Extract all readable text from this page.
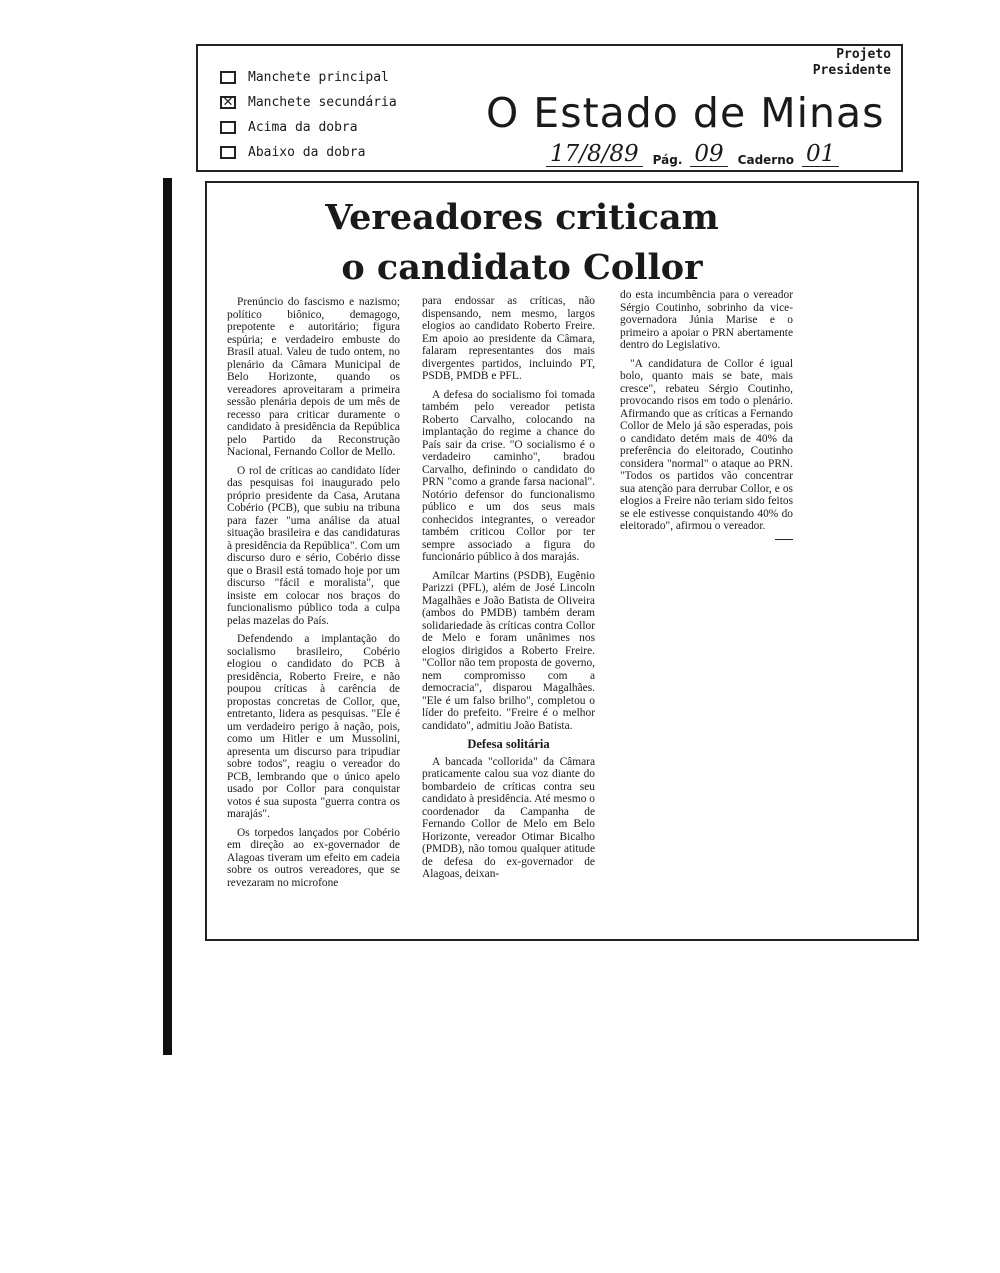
Projeto
Presidente
Manchete principal
✕ Manchete secundária
Acima da dobra
Abaixo da dobra
O Estado de Minas
17/8/89	Pág. 09	Caderno 01
Vereadores criticam
o candidato Collor

Prenúncio do fascismo e nazismo; político biônico, demagogo, prepotente e autoritário; figura espúria; e verdadeiro embuste do Brasil atual. Valeu de tudo ontem, no plenário da Câmara Municipal de Belo Horizonte, quando os vereadores aproveitaram a primeira sessão plenária depois de um mês de recesso para criticar duramente o candidato à presidência da República pelo Partido da Reconstrução Nacional, Fernando Collor de Mello.

O rol de críticas ao candidato líder das pesquisas foi inaugurado pelo próprio presidente da Casa, Arutana Cobério (PCB), que subiu na tribuna para fazer "uma análise da atual situação brasileira e das candidaturas à presidência da República". Com um discurso duro e sério, Cobério disse que o Brasil está tomado hoje por um discurso "fácil e moralista", que insiste em colocar nos braços do funcionalismo público toda a culpa pelas mazelas do País.

Defendendo a implantação do socialismo brasileiro, Cobério elogiou o candidato do PCB à presidência, Roberto Freire, e não poupou críticas à carência de propostas concretas de Collor, que, entretanto, lidera as pesquisas. "Ele é um verdadeiro perigo à nação, pois, como um Hitler e um Mussolini, apresenta um discurso para tripudiar sobre todos", reagiu o vereador do PCB, lembrando que o único apelo usado por Collor para conquistar votos é sua suposta "guerra contra os marajás".

Os torpedos lançados por Cobério em direção ao ex-governador de Alagoas tiveram um efeito em cadeia sobre os outros vereadores, que se revezaram no microfone

para endossar as críticas, não dispensando, nem mesmo, largos elogios ao candidato Roberto Freire. Em apoio ao presidente da Câmara, falaram representantes dos mais divergentes partidos, incluindo PT, PSDB, PMDB e PFL.

A defesa do socialismo foi tomada também pelo vereador petista Roberto Carvalho, colocando na implantação do regime a chance do País sair da crise. "O socialismo é o verdadeiro caminho", bradou Carvalho, definindo o candidato do PRN "como a grande farsa nacional". Notório defensor do funcionalismo público e um dos seus mais conhecidos integrantes, o vereador também criticou Collor por ter sempre associado a figura do funcionário público à dos marajás.

Amílcar Martins (PSDB), Eugênio Parizzi (PFL), além de José Lincoln Magalhães e João Batista de Oliveira (ambos do PMDB) também deram solidariedade às críticas contra Collor de Melo e foram unânimes nos elogios dirigidos a Roberto Freire. "Collor não tem proposta de governo, nem compromisso com a democracia", disparou Magalhães. "Ele é um falso brilho", completou o líder do prefeito. "Freire é o melhor candidato", admitiu João Batista.

Defesa solitária

A bancada "collorida" da Câmara praticamente calou sua voz diante do bombardeio de críticas contra seu candidato à presidência. Até mesmo o coordenador da Campanha de Fernando Collor de Melo em Belo Horizonte, vereador Otimar Bicalho (PMDB), não tomou qualquer atitude de defesa do ex-governador de Alagoas, deixan-

do esta incumbência para o vereador Sérgio Coutinho, sobrinho da vice-governadora Júnia Marise e o primeiro a apoiar o PRN abertamente dentro do Legislativo.

"A candidatura de Collor é igual bolo, quanto mais se bate, mais cresce", rebateu Sérgio Coutinho, provocando risos em todo o plenário. Afirmando que as críticas a Fernando Collor de Melo já são esperadas, pois o candidato detém mais de 40% da preferência do eleitorado, Coutinho considera "normal" o ataque ao PRN. "Todos os partidos vão concentrar sua atenção para derrubar Collor, e os elogios a Freire não teriam sido feitos se ele estivesse conquistando 40% do eleitorado", afirmou o vereador.
